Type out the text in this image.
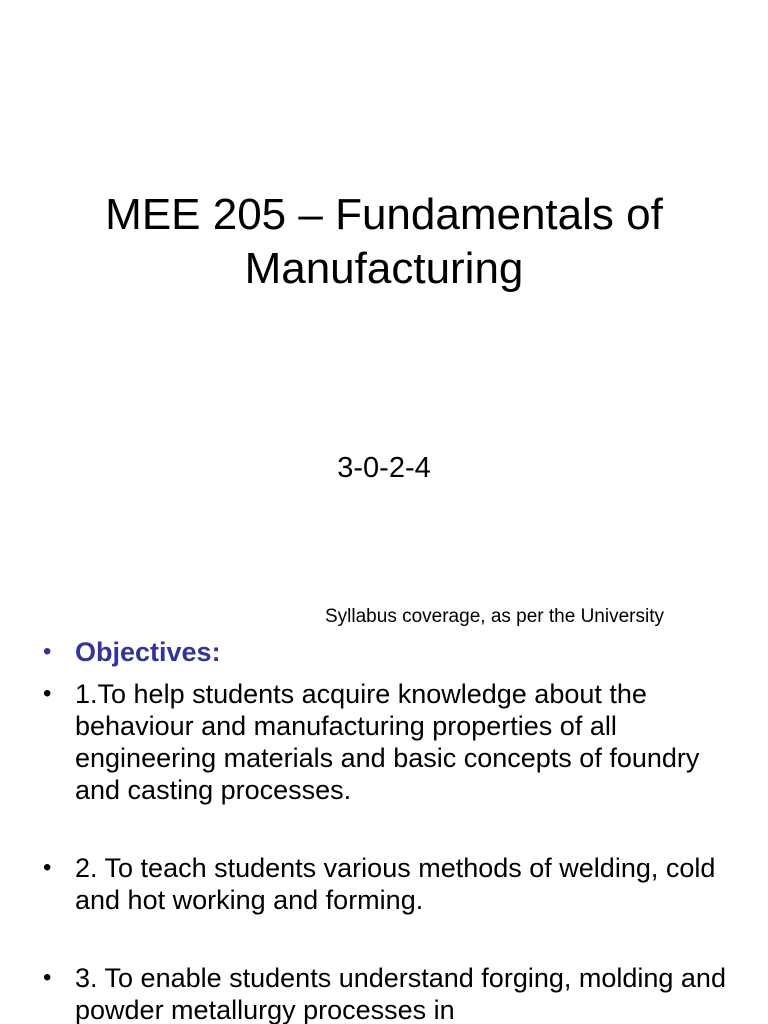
MEE 205 – Fundamentals of
Manufacturing
3-0-2-4
Syllabus coverage, as per the University
• Objectives:
• 1.To help students acquire knowledge about the behaviour and manufacturing properties of all engineering materials and basic concepts of foundry and casting processes.
• 2. To teach students various methods of welding, cold and hot working and forming.
• 3. To enable students understand forging, molding and powder metallurgy processes in
